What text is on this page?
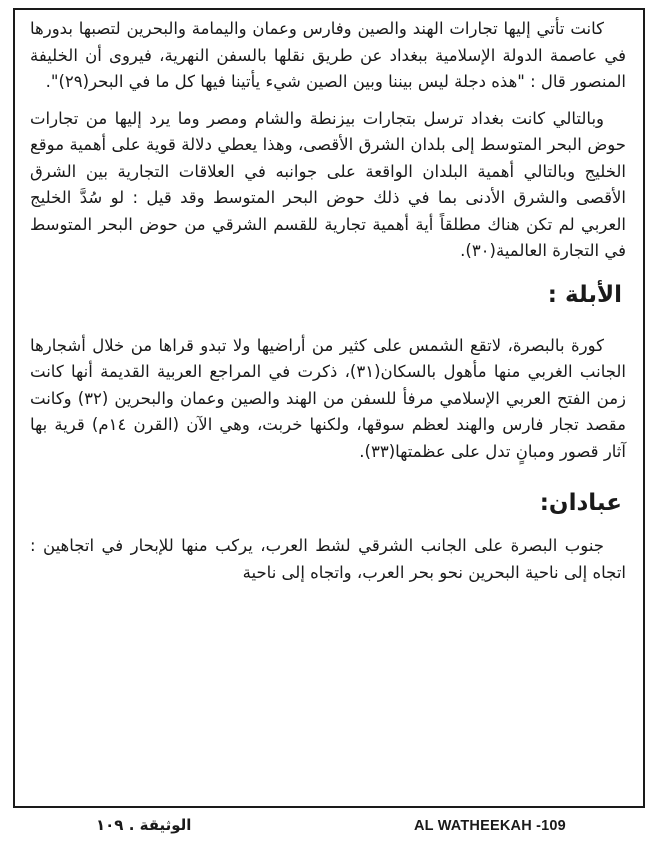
كانت تأتي إليها تجارات الهند والصين وفارس وعمان واليمامة والبحرين لتصبها بدورها في عاصمة الدولة الإسلامية ببغداد عن طريق نقلها بالسفن النهرية، فيروى أن الخليفة المنصور قال : "هذه دجلة ليس بيننا وبين الصين شيء يأتينا فيها كل ما في البحر(٢٩)".

وبالتالي كانت بغداد ترسل بتجارات بيزنطة والشام ومصر وما يرد إليها من تجارات حوض البحر المتوسط إلى بلدان الشرق الأقصى، وهذا يعطي دلالة قوية على أهمية موقع الخليج وبالتالي أهمية البلدان الواقعة على جوانبه في العلاقات التجارية بين الشرق الأقصى والشرق الأدنى بما في ذلك حوض البحر المتوسط وقد قيل : لو سُدَّ الخليج العربي لم تكن هناك مطلقاً أية أهمية تجارية للقسم الشرقي من حوض البحر المتوسط في التجارة العالمية(٣٠).

الأبلة :

كورة بالبصرة، لاتقع الشمس على كثير من أراضيها ولا تبدو قراها من خلال أشجارها الجانب الغربي منها مأهول بالسكان(٣١)، ذكرت في المراجع العربية القديمة أنها كانت زمن الفتح العربي الإسلامي مرفأ للسفن من الهند والصين وعمان والبحرين (٣٢) وكانت مقصد تجار فارس والهند لعظم سوقها، ولكنها خربت، وهي الآن (القرن ١٤م) قرية بها آثار قصور ومبانٍ تدل على عظمتها(٣٣).

عبادان:

جنوب البصرة على الجانب الشرقي لشط العرب، يركب منها للإبحار في اتجاهين : اتجاه إلى ناحية البحرين نحو بحر العرب، واتجاه إلى ناحية

الوثيقة . ١٠٩	AL WATHEEKAH -109
